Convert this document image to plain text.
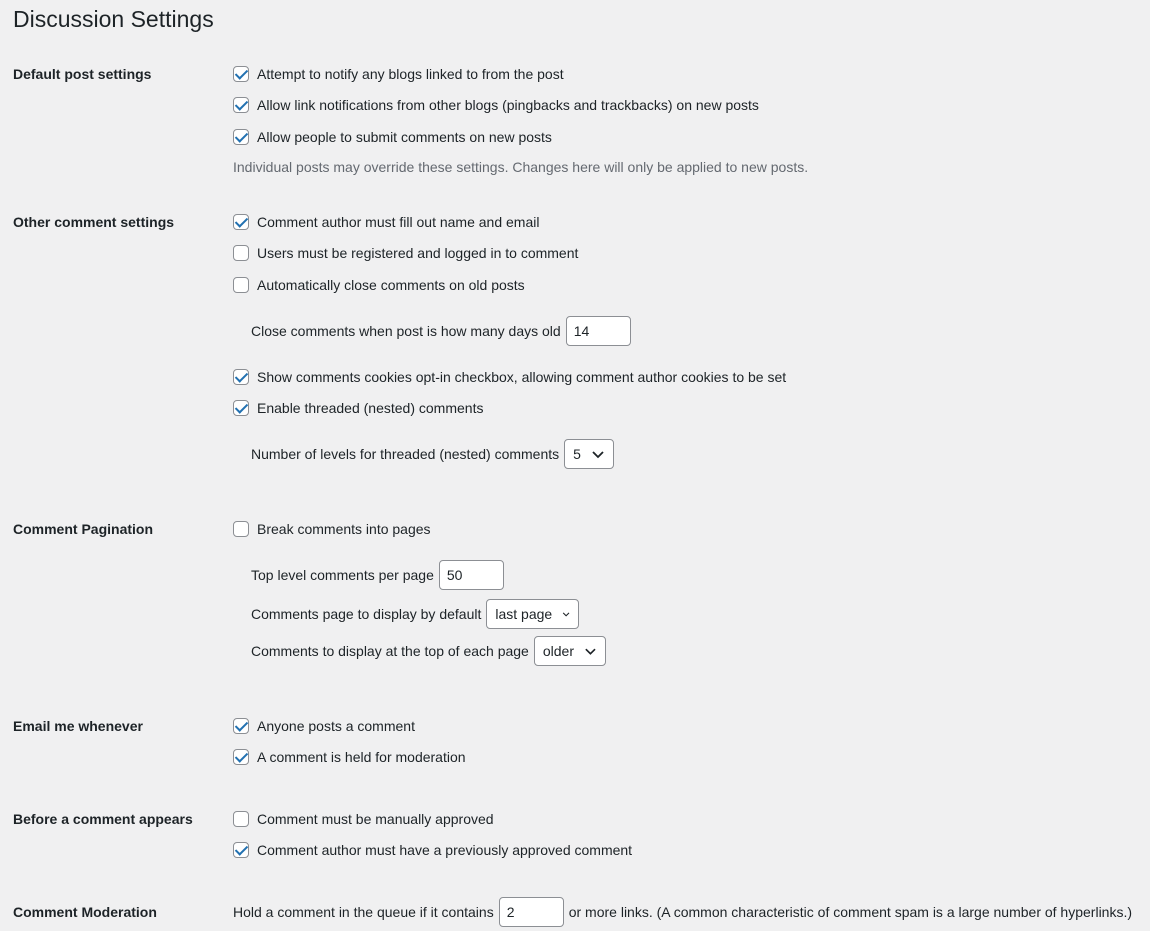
Discussion Settings
Default post settings	Attempt to notify any blogs linked to from the post
Allow link notifications from other blogs (pingbacks and trackbacks) on new posts
Allow people to submit comments on new posts
Individual posts may override these settings. Changes here will only be applied to new posts.
Other comment settings	Comment author must fill out name and email
Users must be registered and logged in to comment
Automatically close comments on old posts
Close comments when post is how many days old 14
Show comments cookies opt-in checkbox, allowing comment author cookies to be set
Enable threaded (nested) comments
Number of levels for threaded (nested) comments 5
Comment Pagination	Break comments into pages
Top level comments per page 50
Comments page to display by default last page
Comments to display at the top of each page older
Email me whenever	Anyone posts a comment
A comment is held for moderation
Before a comment appears	Comment must be manually approved
Comment author must have a previously approved comment
Comment Moderation	Hold a comment in the queue if it contains 2	or more links. (A common characteristic of comment spam is a large number of hyperlinks.)
